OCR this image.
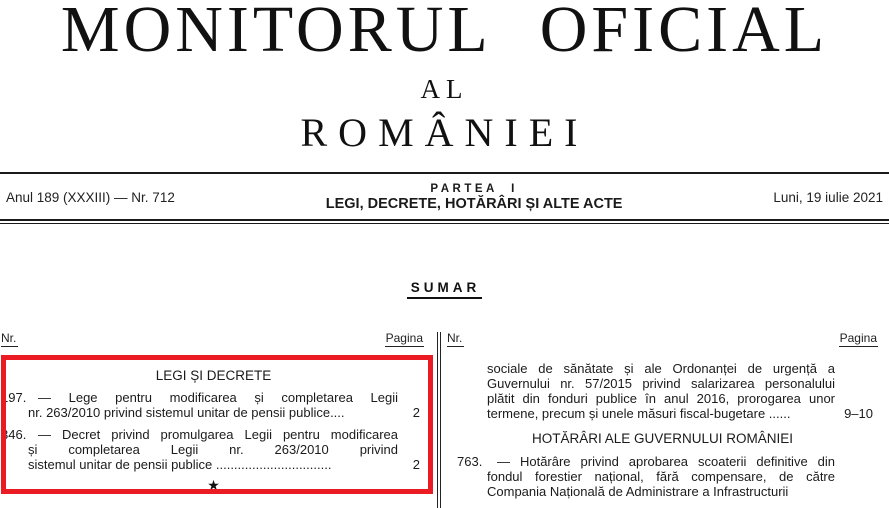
MONITORUL OFICIAL
AL
ROMÂNIEI
Anul 189 (XXXIII) — Nr. 712
PARTEA I
LEGI, DECRETE, HOTĂRÂRI ȘI ALTE ACTE	Luni, 19 iulie 2021
SUMAR
Nr.	Pagina
LEGI ȘI DECRETE
197. — Lege pentru modificarea și completarea Legii
nr. 263/2010 privind sistemul unitar de pensii publice....	2
346. — Decret privind promulgarea Legii pentru modificarea
și completarea Legii nr. 263/2010 privind
sistemul unitar de pensii publice ................................	2
★
Nr.	Pagina
sociale de sănătate și ale Ordonanței de urgență a
Guvernului nr. 57/2015 privind salarizarea personalului
plătit din fonduri publice în anul 2016, prorogarea unor
termene, precum și unele măsuri fiscal-bugetare ......	9–10
HOTĂRÂRI ALE GUVERNULUI ROMÂNIEI
763.	— Hotărâre privind aprobarea scoaterii definitive din
fondul forestier național, fără compensare, de către
Compania Națională de Administrare a Infrastructurii
